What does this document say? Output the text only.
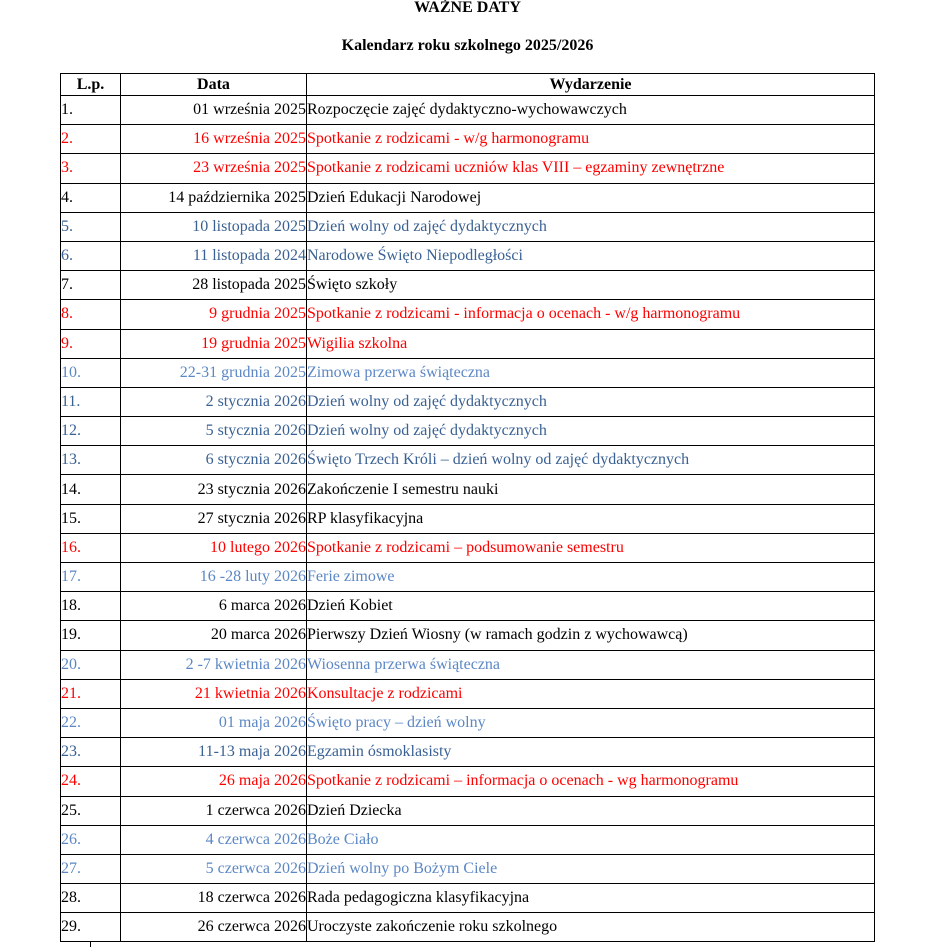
WAŻNE DATY
Kalendarz roku szkolnego 2025/2026
L.p.	Data	Wydarzenie
1.	01 września 2025	Rozpoczęcie zajęć dydaktyczno-wychowawczych
2.	16 września 2025	Spotkanie z rodzicami - w/g harmonogramu
3.	23 września 2025	Spotkanie z rodzicami uczniów klas VIII – egzaminy zewnętrzne
4.	14 października 2025	Dzień Edukacji Narodowej
5.	10 listopada 2025	Dzień wolny od zajęć dydaktycznych
6.	11 listopada 2024	Narodowe Święto Niepodległości
7.	28 listopada 2025	Święto szkoły
8.	9 grudnia 2025	Spotkanie z rodzicami - informacja o ocenach - w/g harmonogramu
9.	19 grudnia 2025	Wigilia szkolna
10.	22-31 grudnia 2025	Zimowa przerwa świąteczna
11.	2 stycznia 2026	Dzień wolny od zajęć dydaktycznych
12.	5 stycznia 2026	Dzień wolny od zajęć dydaktycznych
13.	6 stycznia 2026	Święto Trzech Króli – dzień wolny od zajęć dydaktycznych
14.	23 stycznia 2026	Zakończenie I semestru nauki
15.	27 stycznia 2026	RP klasyfikacyjna
16.	10 lutego 2026	Spotkanie z rodzicami – podsumowanie semestru
17.	16 -28 luty 2026	Ferie zimowe
18.	6 marca 2026	Dzień Kobiet
19.	20 marca 2026	Pierwszy Dzień Wiosny (w ramach godzin z wychowawcą)
20.	2 -7 kwietnia 2026	Wiosenna przerwa świąteczna
21.	21 kwietnia 2026	Konsultacje z rodzicami
22.	01 maja 2026	Święto pracy – dzień wolny
23.	11-13 maja 2026	Egzamin ósmoklasisty
24.	26 maja 2026	Spotkanie z rodzicami – informacja o ocenach - wg harmonogramu
25.	1 czerwca 2026	Dzień Dziecka
26.	4 czerwca 2026	Boże Ciało
27.	5 czerwca 2026	Dzień wolny po Bożym Ciele
28.	18 czerwca 2026	Rada pedagogiczna klasyfikacyjna
29.	26 czerwca 2026	Uroczyste zakończenie roku szkolnego
